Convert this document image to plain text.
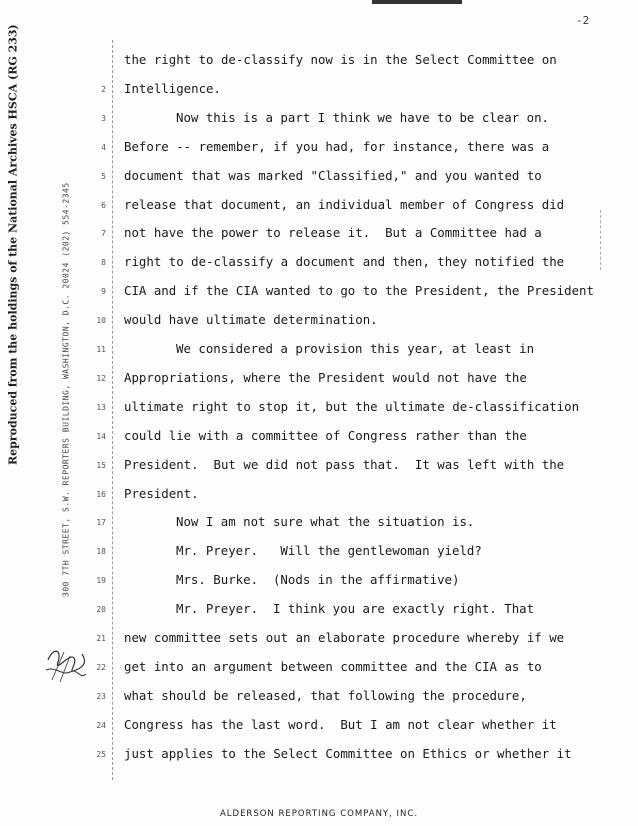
-2
Reproduced from the holdings of the National Archives HSCA (RG 233)	300 7TH STREET, S.W. REPORTERS BUILDING, WASHINGTON, D.C. 20024 (202) 554-2345
the right to de-classify now is in the Select Committee on
2 Intelligence.
3	Now this is a part I think we have to be clear on.
4 Before -- remember, if you had, for instance, there was a
5 document that was marked "Classified," and you wanted to
6 release that document, an individual member of Congress did
7 not have the power to release it.  But a Committee had a
8 right to de-classify a document and then, they notified the
9 CIA and if the CIA wanted to go to the President, the President
10 would have ultimate determination.
11	We considered a provision this year, at least in
12 Appropriations, where the President would not have the
13 ultimate right to stop it, but the ultimate de-classification
14 could lie with a committee of Congress rather than the
15 President.  But we did not pass that.  It was left with the
16 President.
17	Now I am not sure what the situation is.
18	Mr. Preyer.   Will the gentlewoman yield?
19	Mrs. Burke.  (Nods in the affirmative)
20	Mr. Preyer.  I think you are exactly right. That
21 new committee sets out an elaborate procedure whereby if we
22 get into an argument between committee and the CIA as to
23 what should be released, that following the procedure,
24 Congress has the last word.  But I am not clear whether it
25 just applies to the Select Committee on Ethics or whether it
ALDERSON REPORTING COMPANY, INC.
